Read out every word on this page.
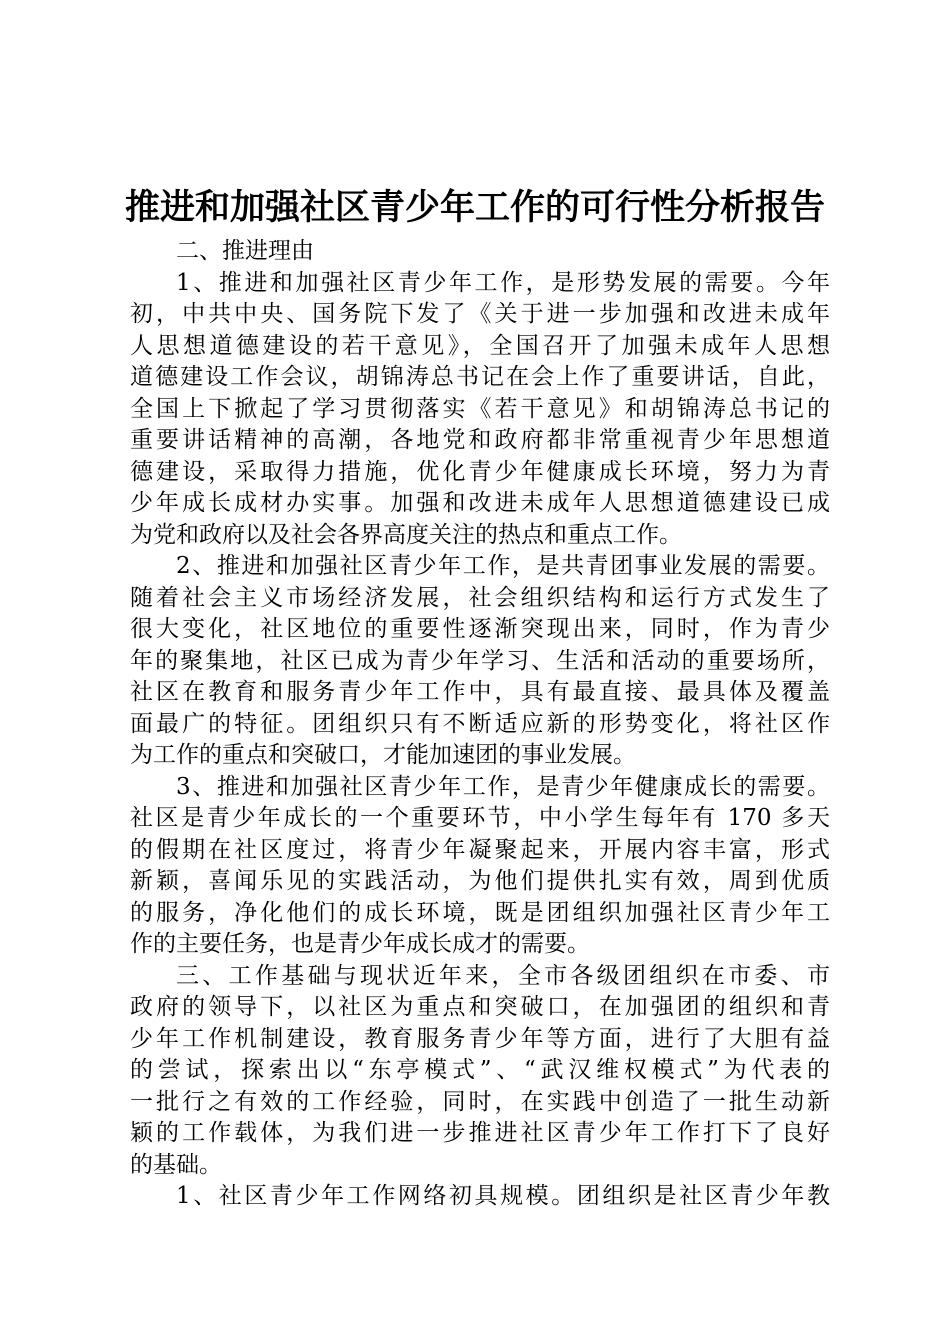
推进和加强社区青少年工作的可行性分析报告
二、推进理由
1、推进和加强社区青少年工作，是形势发展的需要。今年
初，中共中央、国务院下发了《关于进一步加强和改进未成年
人思想道德建设的若干意见》，全国召开了加强未成年人思想
道德建设工作会议，胡锦涛总书记在会上作了重要讲话，自此，
全国上下掀起了学习贯彻落实《若干意见》和胡锦涛总书记的
重要讲话精神的高潮，各地党和政府都非常重视青少年思想道
德建设，采取得力措施，优化青少年健康成长环境，努力为青
少年成长成材办实事。加强和改进未成年人思想道德建设已成
为党和政府以及社会各界高度关注的热点和重点工作。
2、推进和加强社区青少年工作，是共青团事业发展的需要。
随着社会主义市场经济发展，社会组织结构和运行方式发生了
很大变化，社区地位的重要性逐渐突现出来，同时，作为青少
年的聚集地，社区已成为青少年学习、生活和活动的重要场所，
社区在教育和服务青少年工作中，具有最直接、最具体及覆盖
面最广的特征。团组织只有不断适应新的形势变化，将社区作
为工作的重点和突破口，才能加速团的事业发展。
3、推进和加强社区青少年工作，是青少年健康成长的需要。
社区是青少年成长的一个重要环节，中小学生每年有 170 多天
的假期在社区度过，将青少年凝聚起来，开展内容丰富，形式
新颖，喜闻乐见的实践活动，为他们提供扎实有效，周到优质
的服务，净化他们的成长环境，既是团组织加强社区青少年工
作的主要任务，也是青少年成长成才的需要。
三、工作基础与现状近年来，全市各级团组织在市委、市
政府的领导下，以社区为重点和突破口，在加强团的组织和青
少年工作机制建设，教育服务青少年等方面，进行了大胆有益
的尝试，探索出以“东亭模式”、“武汉维权模式”为代表的
一批行之有效的工作经验，同时，在实践中创造了一批生动新
颖的工作载体，为我们进一步推进社区青少年工作打下了良好
的基础。
1、社区青少年工作网络初具规模。团组织是社区青少年教
